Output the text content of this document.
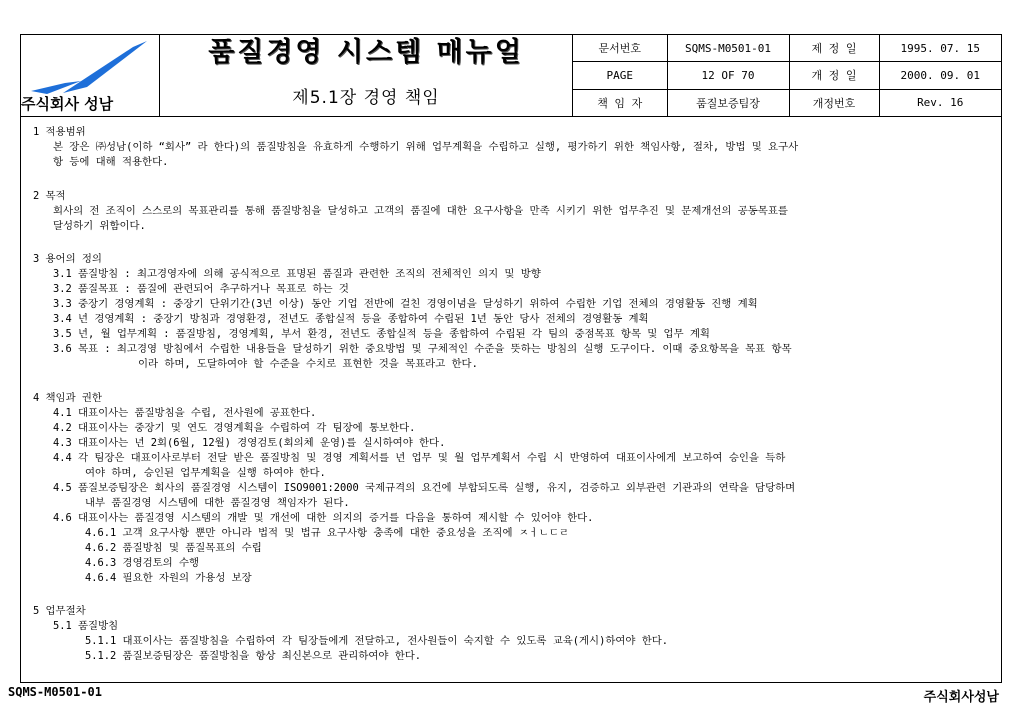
주식회사 성남
품질경영 시스템 매뉴얼
제5.1장 경영 책임
문서번호	SQMS-M0501-01	제 정 일	1995. 07. 15
PAGE	12 OF 70	개 정 일	2000. 09. 01
책 임 자	품질보증팀장	개정번호	Rev. 16
1 적용범위
본 장은 ㈜성남(이하 “회사” 라 한다)의 품질방침을 유효하게 수행하기 위해 업무계획을 수립하고 실행, 평가하기 위한 책임사항, 절차, 방법 및 요구사
항 등에 대해 적용한다.
2 목적
회사의 전 조직이 스스로의 목표관리를 통해 품질방침을 달성하고 고객의 품질에 대한 요구사항을 만족 시키기 위한 업무추진 및 문제개선의 공동목표를
달성하기 위함이다.
3 용어의 정의
3.1 품질방침 : 최고경영자에 의해 공식적으로 표명된 품질과 관련한 조직의 전체적인 의지 및 방향
3.2 품질목표 : 품질에 관련되어 추구하거나 목표로 하는 것
3.3 중장기 경영계획 : 중장기 단위기간(3년 이상) 동안 기업 전반에 걸친 경영이념을 달성하기 위하여 수립한 기업 전체의 경영활동 진행 계획
3.4 년 경영계획 : 중장기 방침과 경영환경, 전년도 종합실적 등을 종합하여 수립된 1년 동안 당사 전체의 경영활동 계획
3.5 년, 월 업무계획 : 품질방침, 경영계획, 부서 환경, 전년도 종합실적 등을 종합하여 수립된 각 팀의 중점목표 항목 및 업무 계획
3.6 목표 : 최고경영 방침에서 수립한 내용들을 달성하기 위한 중요방법 및 구체적인 수준을 뜻하는 방침의 실행 도구이다. 이때 중요항목을 목표 항목
이라 하며, 도달하여야 할 수준을 수치로 표현한 것을 목표라고 한다.
4 책임과 권한
4.1 대표이사는 품질방침을 수립, 전사원에 공표한다.
4.2 대표이사는 중장기 및 연도 경영계획을 수립하여 각 팀장에 통보한다.
4.3 대표이사는 년 2회(6월, 12월) 경영검토(회의체 운영)를 실시하여야 한다.
4.4 각 팀장은 대표이사로부터 전달 받은 품질방침 및 경영 계획서를 년 업무 및 월 업무계획서 수립 시 반영하여 대표이사에게 보고하여 승인을 득하
여야 하며, 승인된 업무계획을 실행 하여야 한다.
4.5 품질보증팀장은 회사의 품질경영 시스템이 ISO9001:2000 국제규격의 요건에 부합되도록 실행, 유지, 검증하고 외부관련 기관과의 연락을 담당하며
내부 품질경영 시스템에 대한 품질경영 책임자가 된다.
4.6 대표이사는 품질경영 시스템의 개발 및 개선에 대한 의지의 증거를 다음을 통하여 제시할 수 있어야 한다.
4.6.1 고객 요구사항 뿐만 아니라 법적 및 법규 요구사항 충족에 대한 중요성을 조직에 ㅈㅓㄴㄷㄹ
4.6.2 품질방침 및 품질목표의 수립
4.6.3 경영검토의 수행
4.6.4 필요한 자원의 가용성 보장
5 업무절차
5.1 품질방침
5.1.1 대표이사는 품질방침을 수립하여 각 팀장들에게 전달하고, 전사원들이 숙지할 수 있도록 교육(게시)하여야 한다.
5.1.2 품질보증팀장은 품질방침을 항상 최신본으로 관리하여야 한다.
SQMS-M0501-01	주식회사성남
